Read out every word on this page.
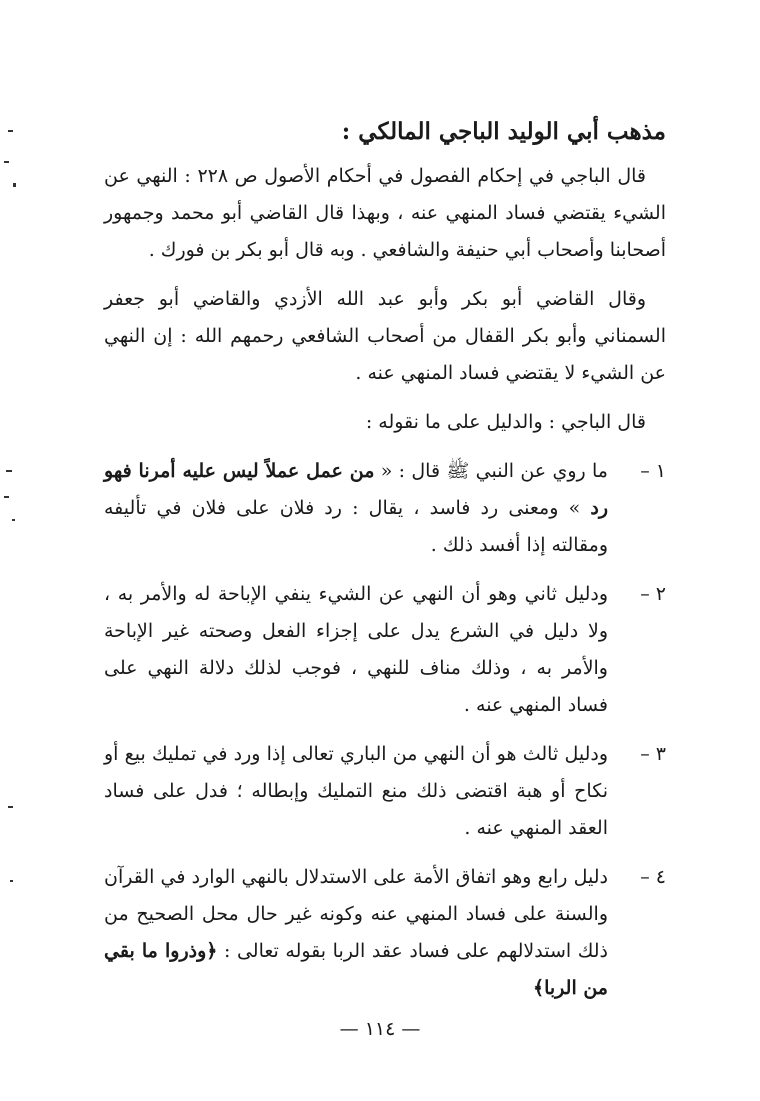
مذهب أبي الوليد الباجي المالكي :

قال الباجي في إحكام الفصول في أحكام الأصول ص ٢٢٨ : النهي عن الشيء يقتضي فساد المنهي عنه ، وبهذا قال القاضي أبو محمد وجمهور أصحابنا وأصحاب أبي حنيفة والشافعي . وبه قال أبو بكر بن فورك .

وقال القاضي أبو بكر وأبو عبد الله الأزدي والقاضي أبو جعفر السمناني وأبو بكر القفال من أصحاب الشافعي رحمهم الله : إن النهي عن الشيء لا يقتضي فساد المنهي عنه .

قال الباجي : والدليل على ما نقوله :

١ –
ما روي عن النبي ﷺ قال : « من عمل عملاً ليس عليه أمرنا فهو رد » ومعنى رد فاسد ، يقال : رد فلان على فلان في تأليفه ومقالته إذا أفسد ذلك .
٢ –
ودليل ثاني وهو أن النهي عن الشيء ينفي الإباحة له والأمر به ، ولا دليل في الشرع يدل على إجزاء الفعل وصحته غير الإباحة والأمر به ، وذلك مناف للنهي ، فوجب لذلك دلالة النهي على فساد المنهي عنه .
٣ –
ودليل ثالث هو أن النهي من الباري تعالى إذا ورد في تمليك بيع أو نكاح أو هبة اقتضى ذلك منع التمليك وإبطاله ؛ فدل على فساد العقد المنهي عنه .
٤ –
دليل رابع وهو اتفاق الأمة على الاستدلال بالنهي الوارد في القرآن والسنة على فساد المنهي عنه وكونه غير حال محل الصحيح من ذلك استدلالهم على فساد عقد الربا بقوله تعالى : ﴿وذروا ما بقي من الربا﴾
— ١١٤ —
